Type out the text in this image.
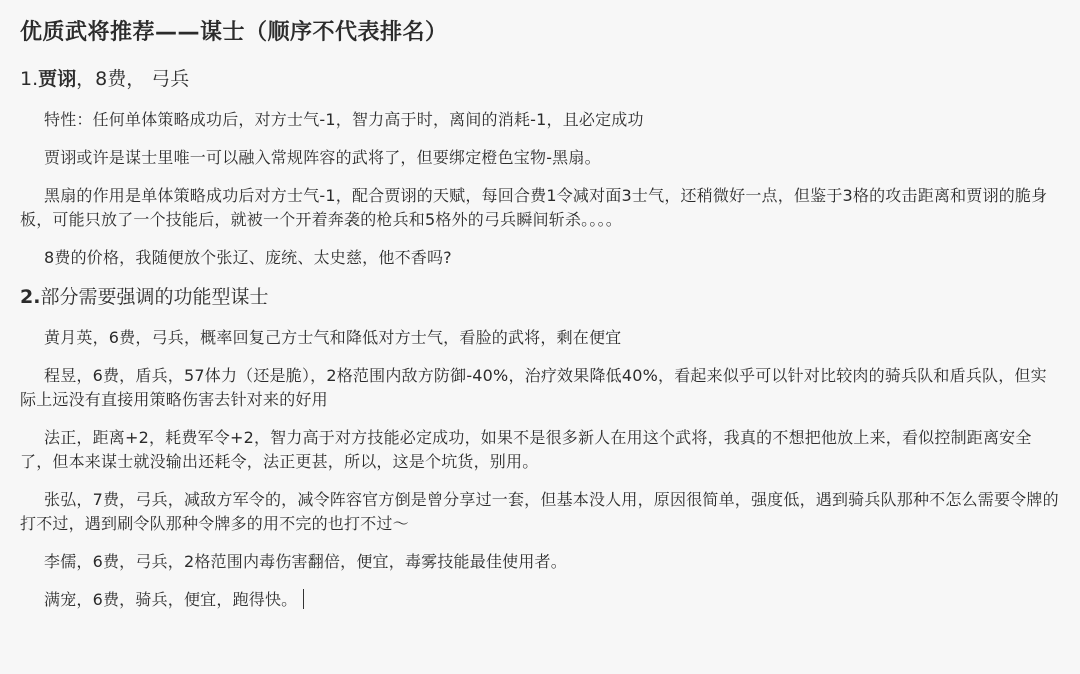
优质武将推荐——谋士（顺序不代表排名）
1.贾诩，8费， 弓兵

特性：任何单体策略成功后，对方士气-1，智力高于时，离间的消耗-1，且必定成功

贾诩或许是谋士里唯一可以融入常规阵容的武将了，但要绑定橙色宝物-黑扇。

黑扇的作用是单体策略成功后对方士气-1，配合贾诩的天赋，每回合费1令减对面3士气，还稍微好一点，但鉴于3格的攻击距离和贾诩的脆身板，可能只放了一个技能后，就被一个开着奔袭的枪兵和5格外的弓兵瞬间斩杀。。。。

8费的价格，我随便放个张辽、庞统、太史慈，他不香吗?

2.部分需要强调的功能型谋士

黄月英，6费，弓兵，概率回复己方士气和降低对方士气，看脸的武将，剩在便宜

程昱，6费，盾兵，57体力（还是脆），2格范围内敌方防御-40%，治疗效果降低40%，看起来似乎可以针对比较肉的骑兵队和盾兵队，但实际上远没有直接用策略伤害去针对来的好用

法正，距离+2，耗费军令+2，智力高于对方技能必定成功，如果不是很多新人在用这个武将，我真的不想把他放上来，看似控制距离安全了，但本来谋士就没输出还耗令，法正更甚，所以，这是个坑货，别用。

张弘，7费，弓兵，减敌方军令的，减令阵容官方倒是曾分享过一套，但基本没人用，原因很简单，强度低，遇到骑兵队那种不怎么需要令牌的打不过，遇到刷令队那种令牌多的用不完的也打不过～

李儒，6费，弓兵，2格范围内毒伤害翻倍，便宜，毒雾技能最佳使用者。

满宠，6费，骑兵，便宜，跑得快。
